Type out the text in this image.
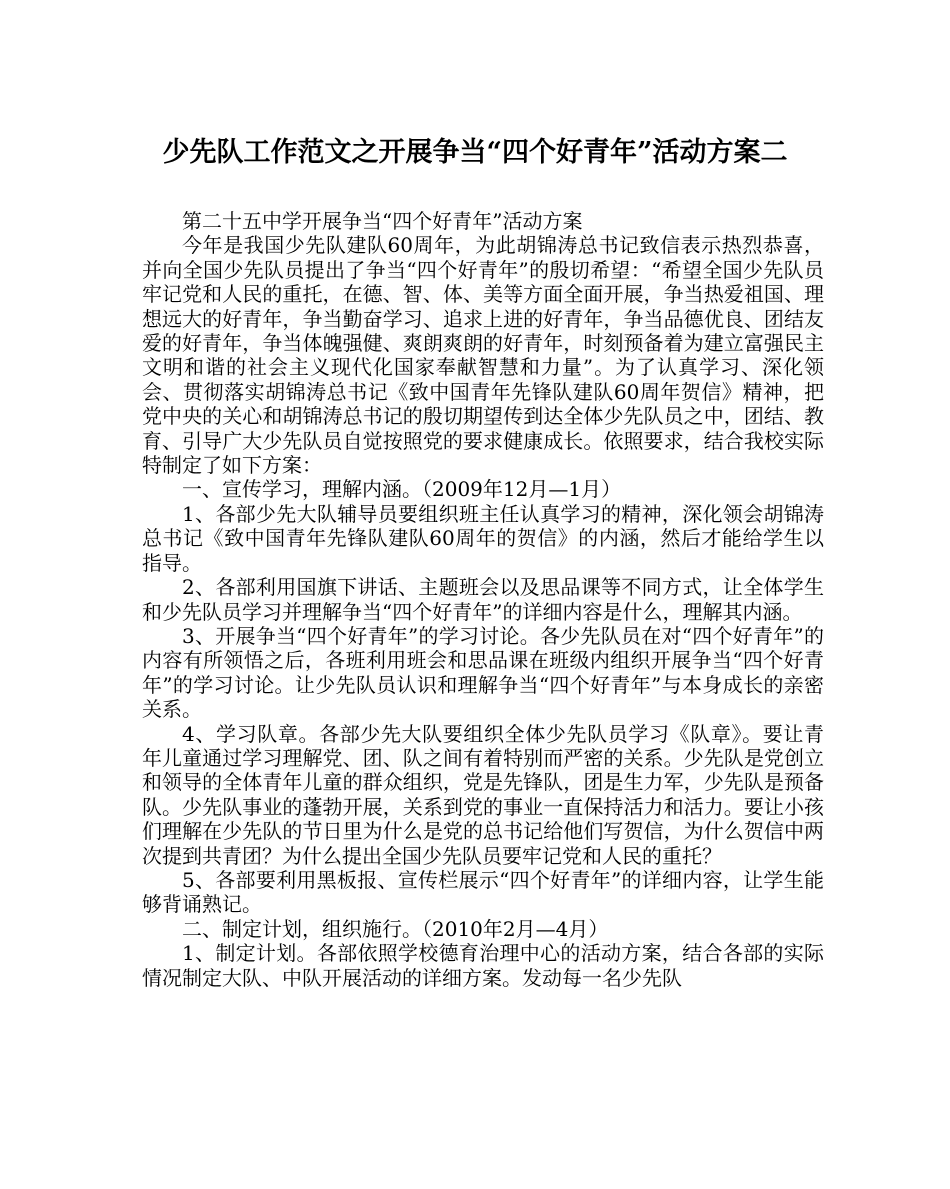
少先队工作范文之开展争当“四个好青年”活动方案二

第二十五中学开展争当“四个好青年”活动方案

今年是我国少先队建队60周年，为此胡锦涛总书记致信表示热烈恭喜，并向全国少先队员提出了争当“四个好青年”的殷切希望：“希望全国少先队员牢记党和人民的重托，在德、智、体、美等方面全面开展，争当热爱祖国、理想远大的好青年，争当勤奋学习、追求上进的好青年，争当品德优良、团结友爱的好青年，争当体魄强健、爽朗爽朗的好青年，时刻预备着为建立富强民主文明和谐的社会主义现代化国家奉献智慧和力量”。为了认真学习、深化领会、贯彻落实胡锦涛总书记《致中国青年先锋队建队60周年贺信》精神，把党中央的关心和胡锦涛总书记的殷切期望传到达全体少先队员之中，团结、教育、引导广大少先队员自觉按照党的要求健康成长。依照要求，结合我校实际特制定了如下方案：

一、宣传学习，理解内涵。（2009年12月—1月）

1、各部少先大队辅导员要组织班主任认真学习的精神，深化领会胡锦涛总书记《致中国青年先锋队建队60周年的贺信》的内涵，然后才能给学生以指导。

2、各部利用国旗下讲话、主题班会以及思品课等不同方式，让全体学生和少先队员学习并理解争当“四个好青年”的详细内容是什么，理解其内涵。

3、开展争当“四个好青年”的学习讨论。各少先队员在对“四个好青年”的内容有所领悟之后，各班利用班会和思品课在班级内组织开展争当“四个好青年”的学习讨论。让少先队员认识和理解争当“四个好青年”与本身成长的亲密关系。

4、学习队章。各部少先大队要组织全体少先队员学习《队章》。要让青年儿童通过学习理解党、团、队之间有着特别而严密的关系。少先队是党创立和领导的全体青年儿童的群众组织，党是先锋队，团是生力军，少先队是预备队。少先队事业的蓬勃开展，关系到党的事业一直保持活力和活力。要让小孩们理解在少先队的节日里为什么是党的总书记给他们写贺信，为什么贺信中两次提到共青团？为什么提出全国少先队员要牢记党和人民的重托？

5、各部要利用黑板报、宣传栏展示“四个好青年”的详细内容，让学生能够背诵熟记。

二、制定计划，组织施行。（2010年2月—4月）

1、制定计划。各部依照学校德育治理中心的活动方案，结合各部的实际情况制定大队、中队开展活动的详细方案。发动每一名少先队
